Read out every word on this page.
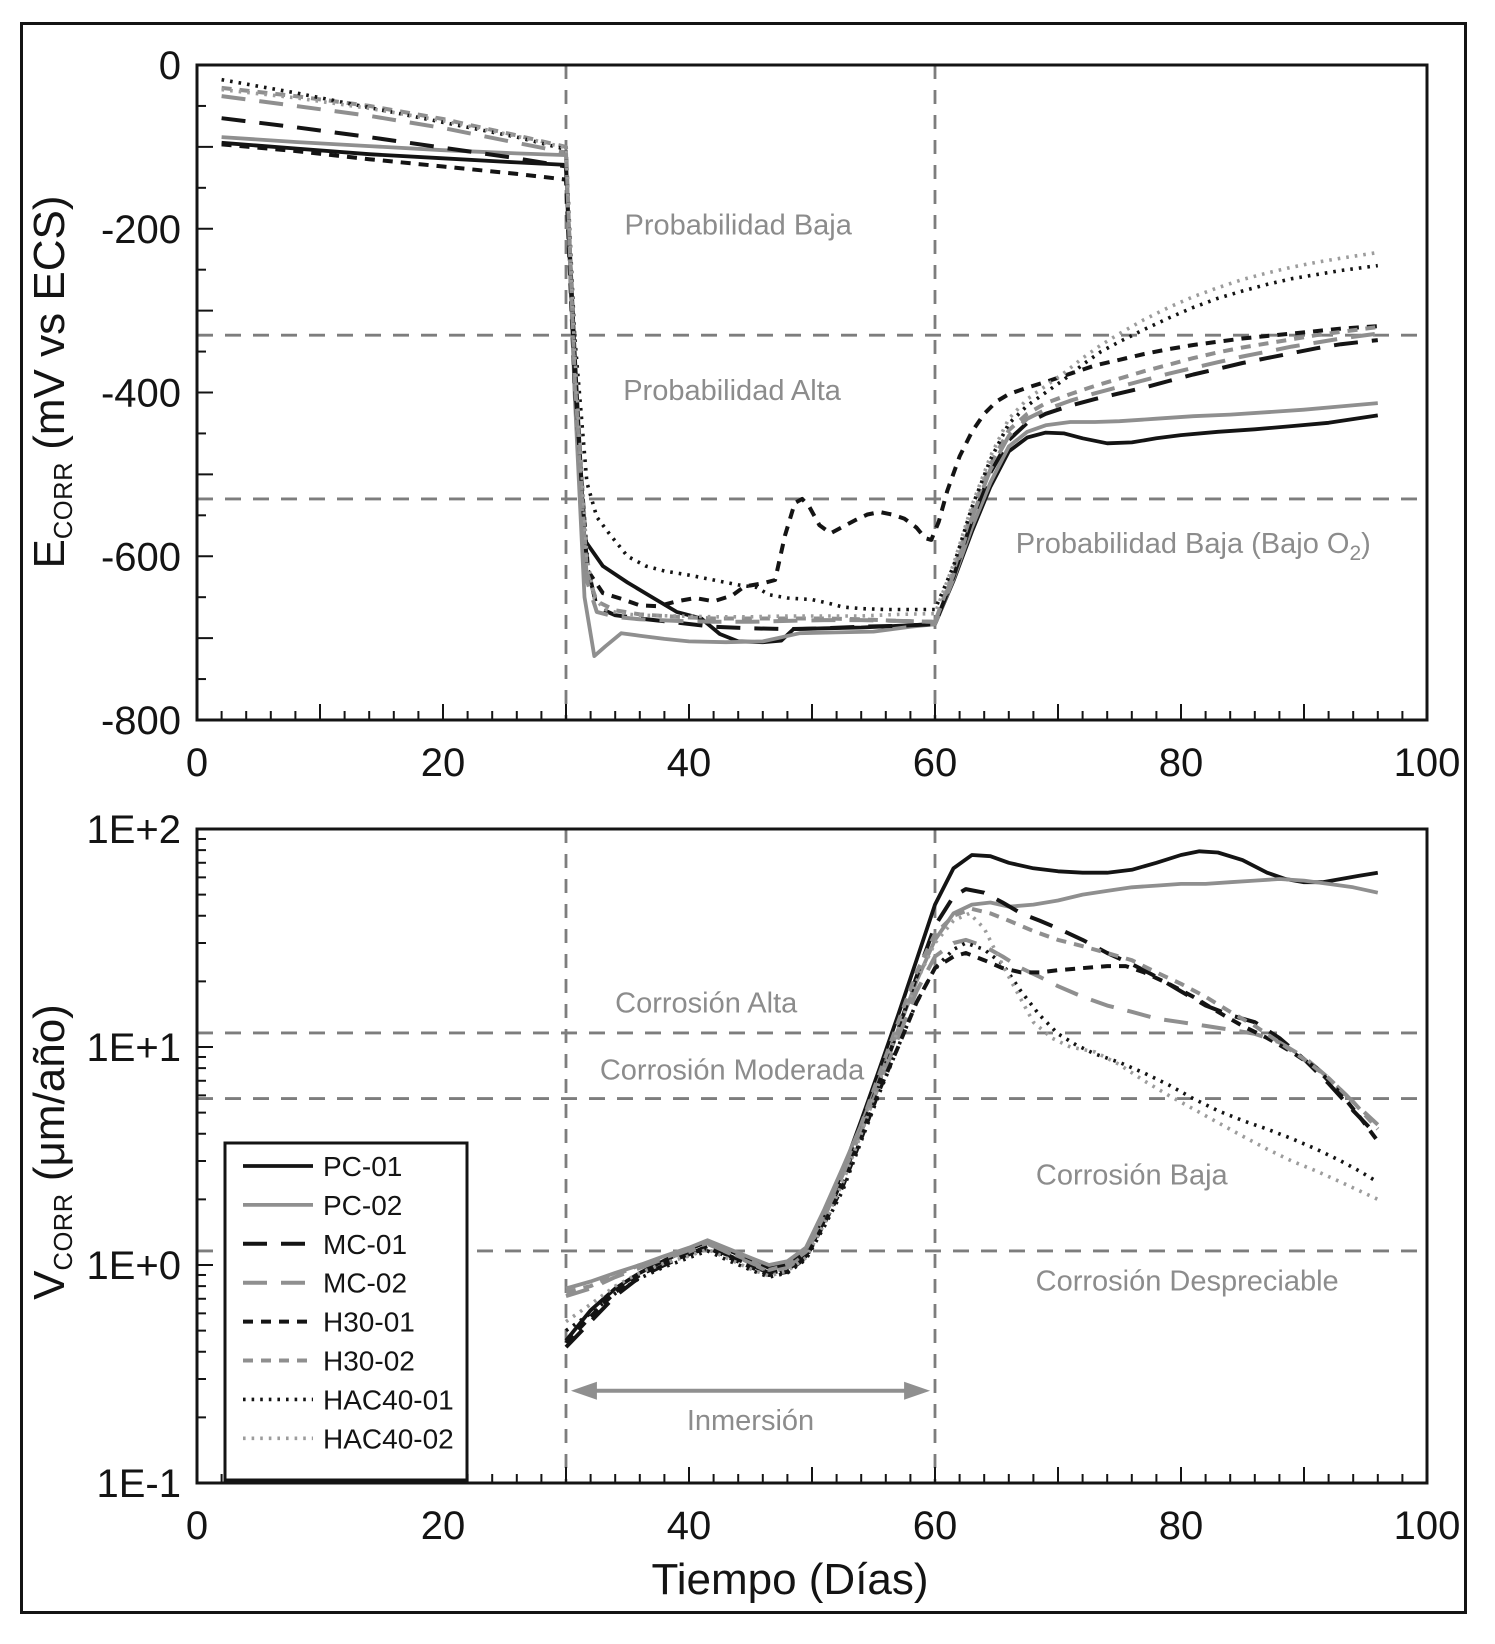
Probabilidad Baja
Probabilidad Alta
Probabilidad Baja (Bajo $O_2$)
0	20	40	60	80	100
0
-200
-400
-600
-800
Corrosión Alta
Corrosión Moderada
Corrosión Baja
Corrosión Despreciable
0	20	40	60	80	100
1E+2
1E+1
1E+0
1E-1
Inmersión
PC-01
PC-02
MC-01
MC-02
H30-01
H30-02
HAC40-01
HAC40-02
$E_{CORR}$ (mV vs ECS)
$V_{CORR}$ (μm/año)
Tiempo (Días)
